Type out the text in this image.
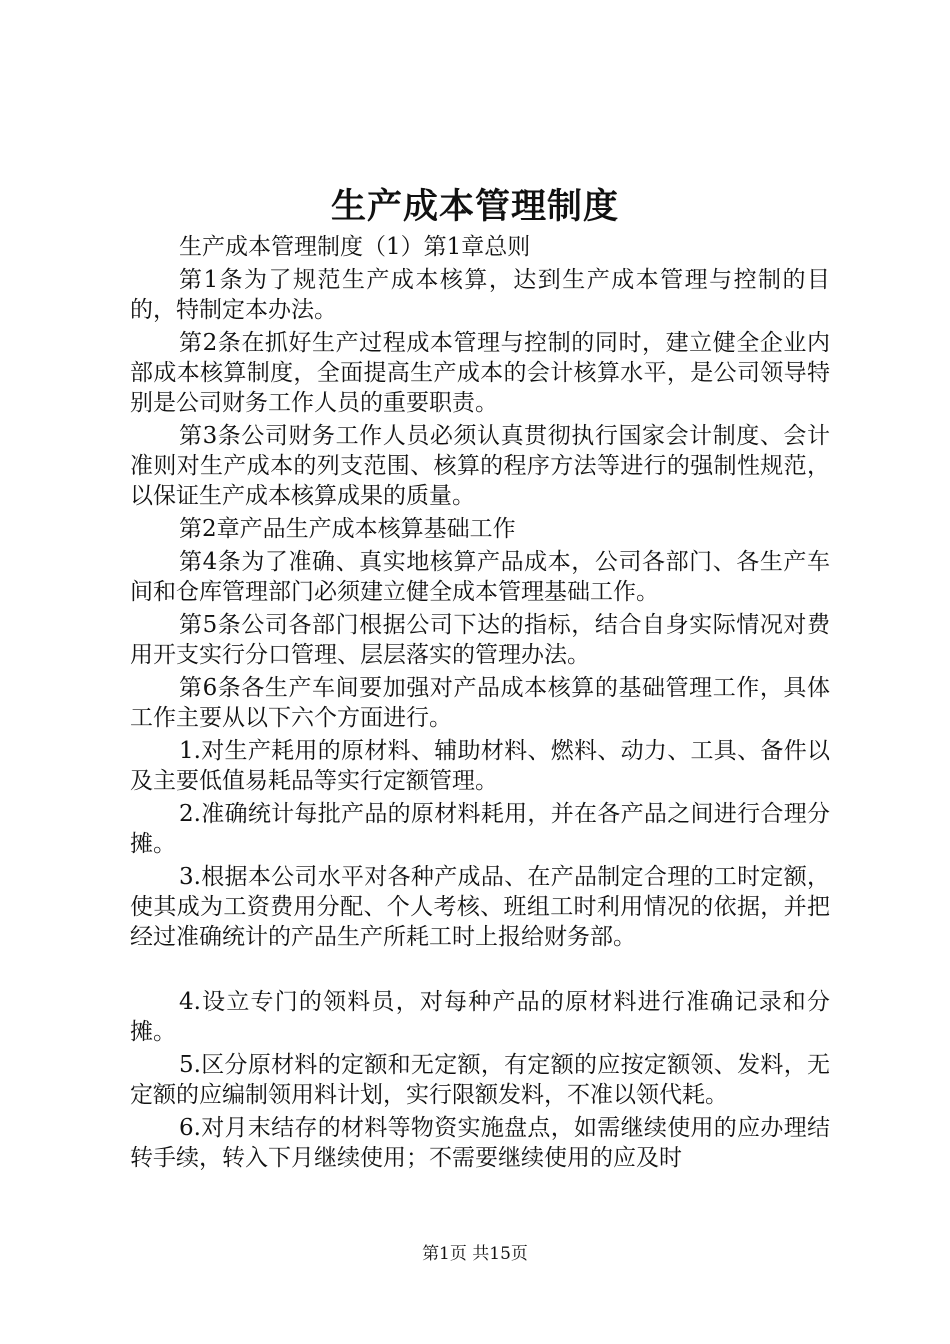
生产成本管理制度

生产成本管理制度（1）第1章总则

第1条为了规范生产成本核算，达到生产成本管理与控制的目的，特制定本办法。

第2条在抓好生产过程成本管理与控制的同时，建立健全企业内部成本核算制度，全面提高生产成本的会计核算水平，是公司领导特别是公司财务工作人员的重要职责。

第3条公司财务工作人员必须认真贯彻执行国家会计制度、会计准则对生产成本的列支范围、核算的程序方法等进行的强制性规范，以保证生产成本核算成果的质量。

第2章产品生产成本核算基础工作

第4条为了准确、真实地核算产品成本，公司各部门、各生产车间和仓库管理部门必须建立健全成本管理基础工作。

第5条公司各部门根据公司下达的指标，结合自身实际情况对费用开支实行分口管理、层层落实的管理办法。

第6条各生产车间要加强对产品成本核算的基础管理工作，具体工作主要从以下六个方面进行。

1.对生产耗用的原材料、辅助材料、燃料、动力、工具、备件以及主要低值易耗品等实行定额管理。

2.准确统计每批产品的原材料耗用，并在各产品之间进行合理分摊。

3.根据本公司水平对各种产成品、在产品制定合理的工时定额，使其成为工资费用分配、个人考核、班组工时利用情况的依据，并把经过准确统计的产品生产所耗工时上报给财务部。

4.设立专门的领料员，对每种产品的原材料进行准确记录和分摊。

5.区分原材料的定额和无定额，有定额的应按定额领、发料，无定额的应编制领用料计划，实行限额发料，不准以领代耗。

6.对月末结存的材料等物资实施盘点，如需继续使用的应办理结转手续，转入下月继续使用；不需要继续使用的应及时

第1页 共15页
